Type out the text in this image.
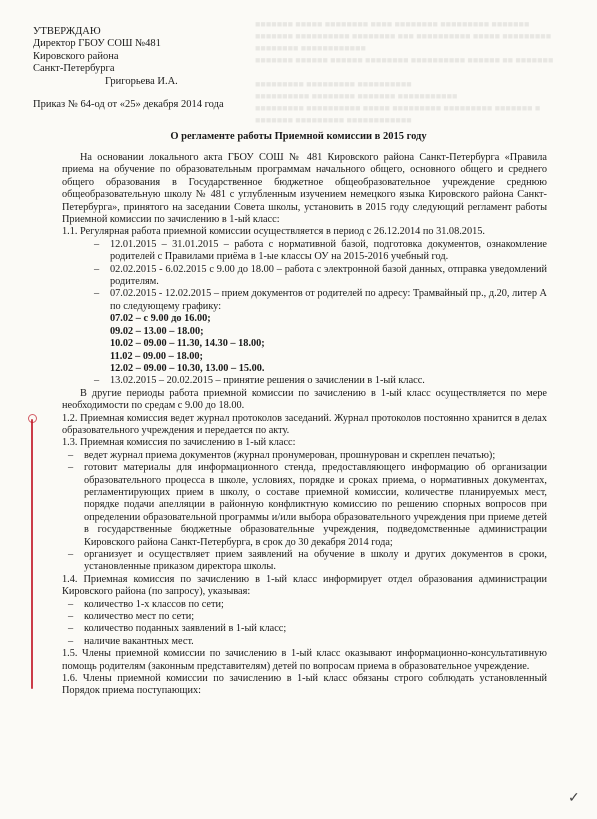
■■■■■■■ ■■■■■ ■■■■■■■■ ■■■■ ■■■■■■■■ ■■■■■■■■■ ■■■■■■■
■■■■■■■ ■■■■■■■■■■ ■■■■■■■■ ■■■ ■■■■■■■■■■ ■■■■■ ■■■■■■■■■
■■■■■■■■ ■■■■■■■■■■■■
■■■■■■■ ■■■■■■ ■■■■■■ ■■■■■■■■ ■■■■■■■■■■ ■■■■■■ ■■ ■■■■■■■

■■■■■■■■■ ■■■■■■■■■ ■■■■■■■■■■
■■■■■■■■■■ ■■■■■■■■ ■■■■■■■ ■■■■■■■■■■■
■■■■■■■■■ ■■■■■■■■■■ ■■■■■ ■■■■■■■■■ ■■■■■■■■■ ■■■■■■■ ■
■■■■■■■ ■■■■■■■■■ ■■■■■■■■■■■■
УТВЕРЖДАЮ
Директор ГБОУ СОШ №481
Кировского района
Санкт-Петербурга
Григорьева И.А.
Приказ № 64-од от «25» декабря 2014 года
О регламенте работы Приемной комиссии в 2015 году

На основании локального акта ГБОУ СОШ № 481 Кировского района Санкт-Петербурга «Правила приема на обучение по образовательным программам начального общего, основного общего и среднего общего образования в Государственное бюджетное общеобразовательное учреждение среднюю общеобразовательную школу № 481 с углубленным изучением немецкого языка Кировского района Санкт-Петербурга», принятого на заседании Совета школы, установить в 2015 году следующий регламент работы Приемной комиссии по зачислению в 1-ый класс:

1.1. Регулярная работа приемной комиссии осуществляется в период с 26.12.2014 по 31.08.2015.

– 12.01.2015 – 31.01.2015 – работа с нормативной базой, подготовка документов, ознакомление родителей с Правилами приёма в 1-ые классы ОУ на 2015-2016 учебный год.
– 02.02.2015 - 6.02.2015 с 9.00 до 18.00 – работа с электронной базой данных, отправка уведомлений родителям.
– 07.02.2015 - 12.02.2015 – прием документов от родителей по адресу: Трамвайный пр., д.20, литер А по следующему графику:
07.02 – с 9.00 до 16.00;
09.02 – 13.00 – 18.00;
10.02 – 09.00 – 11.30, 14.30 – 18.00;
11.02 – 09.00 – 18.00;
12.02 – 09.00 – 10.30, 13.00 – 15.00.
– 13.02.2015 – 20.02.2015 – принятие решения о зачислении в 1-ый класс.

В другие периоды работа приемной комиссии по зачислению в 1-ый класс осуществляется по мере необходимости по средам с 9.00 до 18.00.

1.2. Приемная комиссия ведет журнал протоколов заседаний. Журнал протоколов постоянно хранится в делах образовательного учреждения и передается по акту.

1.3. Приемная комиссия по зачислению в 1-ый класс:

– ведет журнал приема документов (журнал пронумерован, прошнурован и скреплен печатью);
– готовит материалы для информационного стенда, предоставляющего информацию об организации образовательного процесса в школе, условиях, порядке и сроках приема, о нормативных документах, регламентирующих прием в школу, о составе приемной комиссии, количестве планируемых мест, порядке подачи апелляции в районную конфликтную комиссию по решению спорных вопросов при определении образовательной программы и/или выбора образовательного учреждения при приеме детей в государственные бюджетные образовательные учреждения, подведомственные администрации Кировского района Санкт-Петербурга, в срок до 30 декабря 2014 года;
– организует и осуществляет прием заявлений на обучение в школу и других документов в сроки, установленные приказом директора школы.

1.4. Приемная комиссия по зачислению в 1-ый класс информирует отдел образования администрации Кировского района (по запросу), указывая:

– количество 1-х классов по сети;
– количество мест по сети;
– количество поданных заявлений в 1-ый класс;
– наличие вакантных мест.

1.5. Члены приемной комиссии по зачислению в 1-ый класс оказывают информационно-консультативную помощь родителям (законным представителям) детей по вопросам приема в образовательное учреждение.

1.6. Члены приемной комиссии по зачислению в 1-ый класс обязаны строго соблюдать установленный Порядок приема поступающих:

✓
